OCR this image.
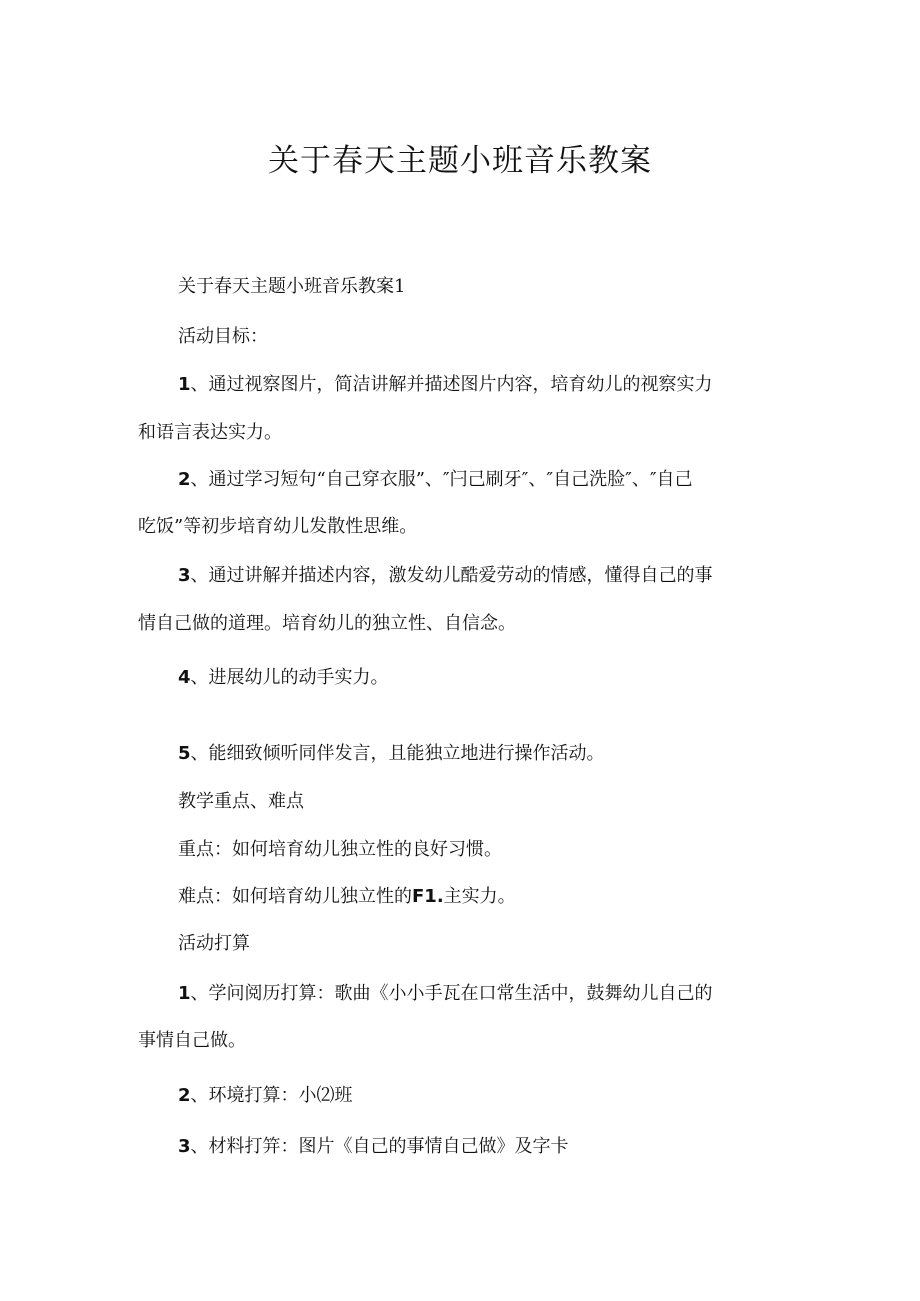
关于春天主题小班音乐教案

关于春天主题小班音乐教案1

活动目标：

1、通过视察图片，简洁讲解并描述图片内容，培育幼儿的视察实力

和语言表达实力。

2、通过学习短句“自己穿衣服”、″闩己刷牙″、″自己洗脸″、″自己

吃饭”等初步培育幼儿发散性思维。

3、通过讲解并描述内容，激发幼儿酷爱劳动的情感，懂得自己的事

情自己做的道理。培育幼儿的独立性、自信念。

4、进展幼儿的动手实力。

5、能细致倾听同伴发言，且能独立地进行操作活动。

教学重点、难点

重点：如何培育幼儿独立性的良好习惯。

难点：如何培育幼儿独立性的F1.主实力。

活动打算

1、学问阅历打算：歌曲《小小手瓦在口常生活中，鼓舞幼儿自己的

事情自己做。

2、环境打算：小⑵班

3、材料打笄：图片《自己的事情自己做》及字卡
